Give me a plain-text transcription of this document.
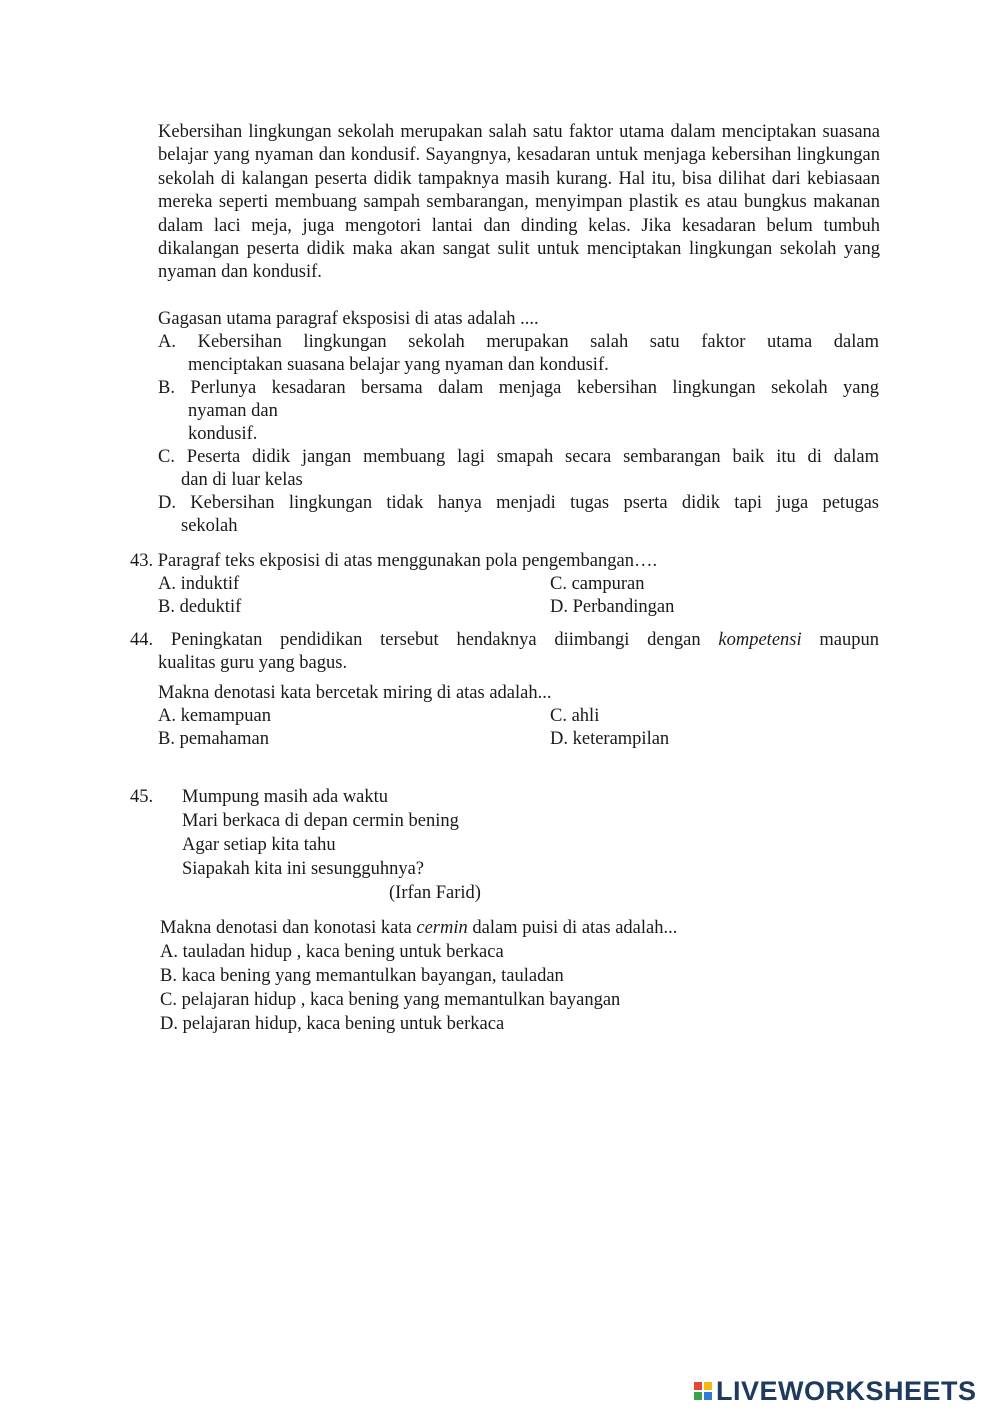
Kebersihan lingkungan sekolah merupakan salah satu faktor utama dalam menciptakan suasana belajar yang nyaman dan kondusif. Sayangnya, kesadaran untuk menjaga kebersihan lingkungan sekolah di kalangan peserta didik tampaknya masih kurang. Hal itu, bisa dilihat dari kebiasaan mereka seperti membuang sampah sembarangan, menyimpan plastik es atau bungkus makanan dalam laci meja, juga mengotori lantai dan dinding kelas. Jika kesadaran belum tumbuh dikalangan peserta didik maka akan sangat sulit untuk menciptakan lingkungan sekolah yang nyaman dan kondusif.

Gagasan utama paragraf eksposisi di atas adalah ....
A. Kebersihan lingkungan sekolah merupakan salah satu faktor utama dalam
menciptakan suasana belajar yang nyaman dan kondusif.
B. Perlunya kesadaran bersama dalam menjaga kebersihan lingkungan sekolah yang
nyaman dan
kondusif.
C. Peserta didik jangan membuang lagi smapah secara sembarangan baik itu di dalam
dan di luar kelas
D. Kebersihan lingkungan tidak hanya menjadi tugas pserta didik tapi juga petugas
sekolah
43. Paragraf teks ekposisi di atas menggunakan pola pengembangan….
A. induktif	C. campuran
B. deduktif	D. Perbandingan
44. Peningkatan pendidikan tersebut hendaknya diimbangi dengan kompetensi maupun
kualitas guru yang bagus.
Makna denotasi kata bercetak miring di atas adalah...
A. kemampuan	C. ahli
B. pemahaman	D. keterampilan
45. Mumpung masih ada waktu
Mari berkaca di depan cermin bening
Agar setiap kita tahu
Siapakah kita ini sesungguhnya?
(Irfan Farid)
Makna denotasi dan konotasi kata cermin dalam puisi di atas adalah...
A. tauladan hidup , kaca bening untuk berkaca
B. kaca bening yang memantulkan bayangan, tauladan
C. pelajaran hidup , kaca bening yang memantulkan bayangan
D. pelajaran hidup, kaca bening untuk berkaca
LIVEWORKSHEETS
